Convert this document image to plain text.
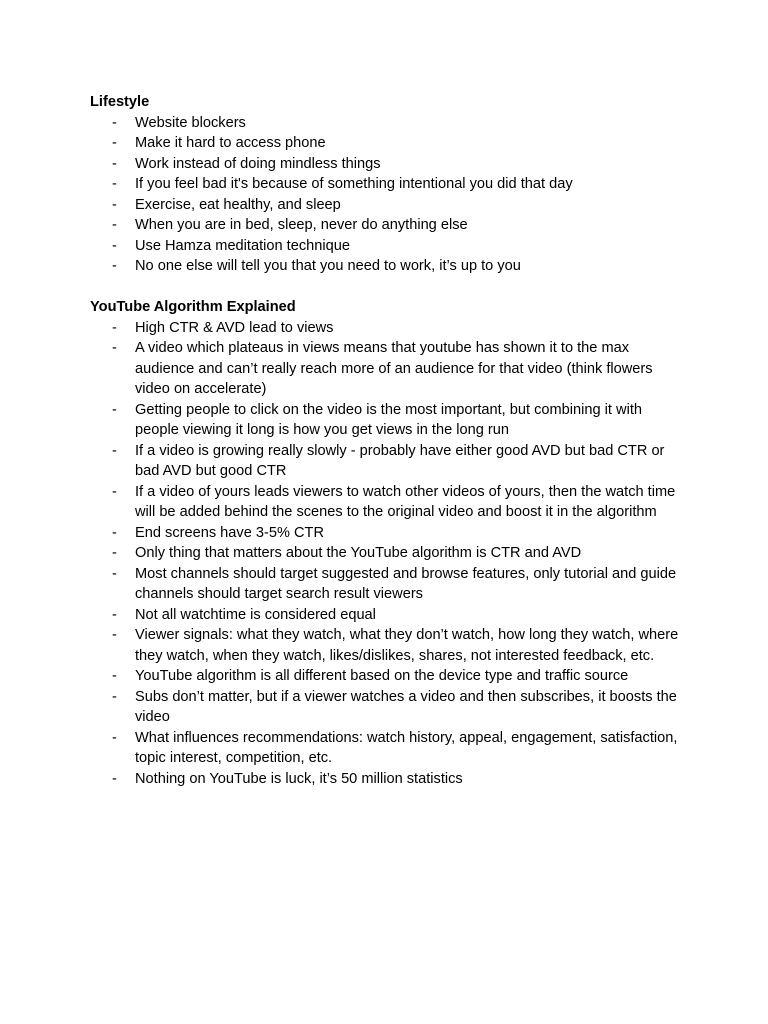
Lifestyle

- Website blockers
- Make it hard to access phone
- Work instead of doing mindless things
- If you feel bad it's because of something intentional you did that day
- Exercise, eat healthy, and sleep
- When you are in bed, sleep, never do anything else
- Use Hamza meditation technique
- No one else will tell you that you need to work, it’s up to you

YouTube Algorithm Explained

- High CTR & AVD lead to views
- A video which plateaus in views means that youtube has shown it to the max audience and can’t really reach more of an audience for that video (think flowers video on accelerate)
- Getting people to click on the video is the most important, but combining it with people viewing it long is how you get views in the long run
- If a video is growing really slowly - probably have either good AVD but bad CTR or bad AVD but good CTR
- If a video of yours leads viewers to watch other videos of yours, then the watch time will be added behind the scenes to the original video and boost it in the algorithm
- End screens have 3-5% CTR
- Only thing that matters about the YouTube algorithm is CTR and AVD
- Most channels should target suggested and browse features, only tutorial and guide channels should target search result viewers
- Not all watchtime is considered equal
- Viewer signals: what they watch, what they don’t watch, how long they watch, where they watch, when they watch, likes/dislikes, shares, not interested feedback, etc.
- YouTube algorithm is all different based on the device type and traffic source
- Subs don’t matter, but if a viewer watches a video and then subscribes, it boosts the video
- What influences recommendations: watch history, appeal, engagement, satisfaction, topic interest, competition, etc.
- Nothing on YouTube is luck, it’s 50 million statistics
